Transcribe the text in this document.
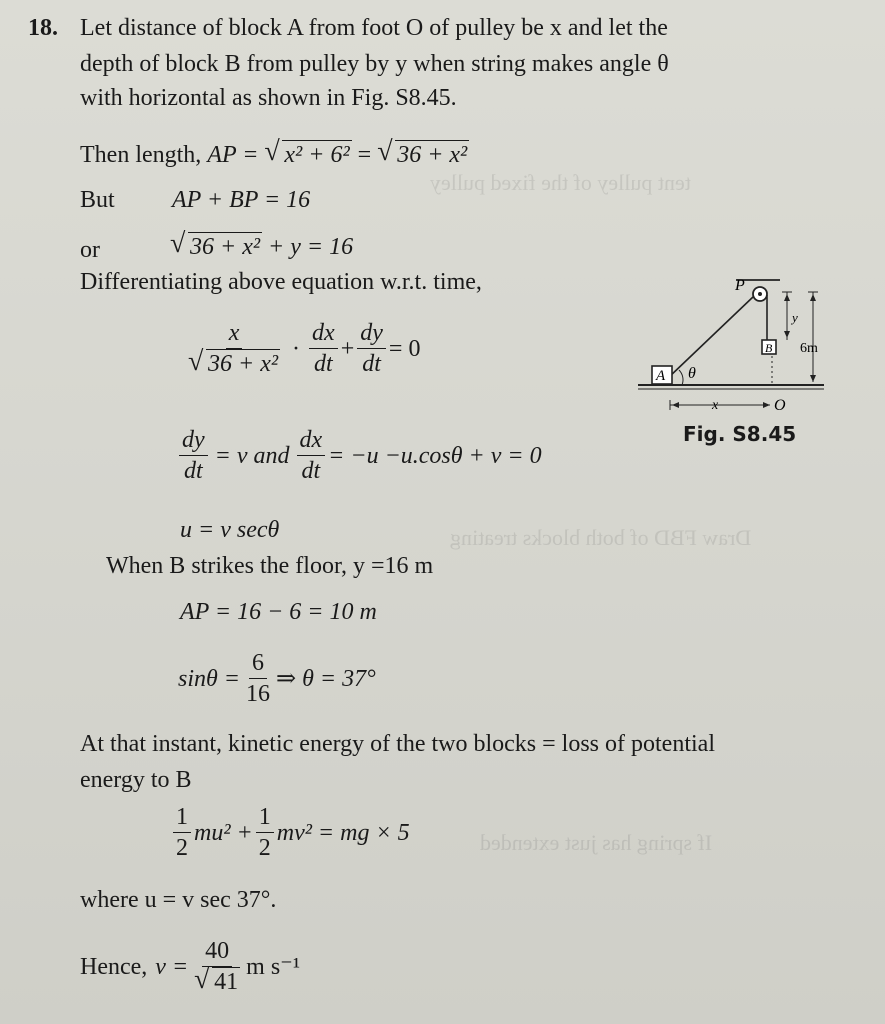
tent pulley of the fixed pulley
Draw FBD of both blocks treating
If spring has just extended
18. Let distance of block A from foot O of pulley be x and let the
depth of block B from pulley by y when string makes angle θ
with horizontal as shown in Fig. S8.45.
Then length, AP = √ x² + 6² = √ 36 + x²
But AP + BP = 16
or	√ 36 + x² + y = 16
Differentiating above equation w.r.t. time,
x
√ $36 + x^2 \cdot \frac{dx}{dt} + \frac{dy}{dt} = 0$
$\frac{dy}{dt} = v$ and $\frac{dx}{dt} = -u -u.\cos\theta + v = 0$
u = v secθ
When B strikes the floor, y =16 m
AP = 16 − 6 = 10 m
$\sin\theta = \frac{6}{16}$ ⇒ θ = 37°
At that instant, kinetic energy of the two blocks = loss of potential
energy to B
$\frac{1}{2} mu^2 + \frac{1}{2} mv^2$ = mg × 5
where u = v sec 37°.
Hence, v = 40
√ 41 m s⁻¹
P
B
A θ
y
6m
x	O
Fig. S8.45
